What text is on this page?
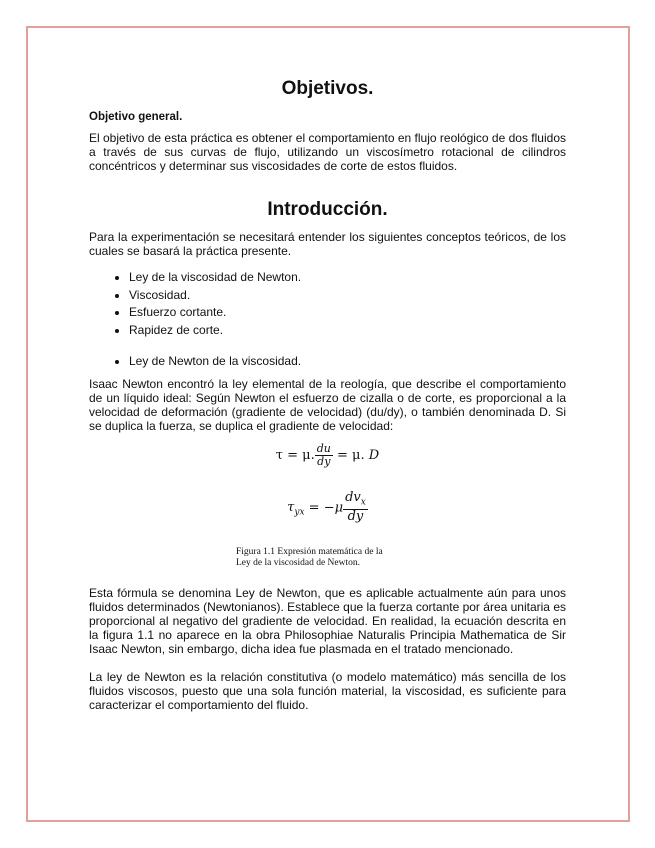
Objetivos.
Objetivo general.

El objetivo de esta práctica es obtener el comportamiento en flujo reológico de dos fluidos a través de sus curvas de flujo, utilizando un viscosímetro rotacional de cilindros concéntricos y determinar sus viscosidades de corte de estos fluidos.

Introducción.

Para la experimentación se necesitará entender los siguientes conceptos teóricos, de los cuales se basará la práctica presente.

• Ley de la viscosidad de Newton.
• Viscosidad.
• Esfuerzo cortante.
• Rapidez de corte.
• Ley de Newton de la viscosidad.

Isaac Newton encontró la ley elemental de la reología, que describe el comportamiento de un líquido ideal: Según Newton el esfuerzo de cizalla o de corte, es proporcional a la velocidad de deformación (gradiente de velocidad) (du/dy), o también denominada D. Si se duplica la fuerza, se duplica el gradiente de velocidad:

τ = μ. $\frac{du}{dy} = \mu$. D
$\tau_{yx} = -\mu \frac{dv_x}{dy}$
Figura 1.1 Expresión matemática de la
Ley de la viscosidad de Newton.

Esta fórmula se denomina Ley de Newton, que es aplicable actualmente aún para unos fluidos determinados (Newtonianos). Establece que la fuerza cortante por área unitaria es proporcional al negativo del gradiente de velocidad. En realidad, la ecuación descrita en la figura 1.1 no aparece en la obra Philosophiae Naturalis Principia Mathematica de Sir Isaac Newton, sin embargo, dicha idea fue plasmada en el tratado mencionado.

La ley de Newton es la relación constitutiva (o modelo matemático) más sencilla de los fluidos viscosos, puesto que una sola función material, la viscosidad, es suficiente para caracterizar el comportamiento del fluido.
